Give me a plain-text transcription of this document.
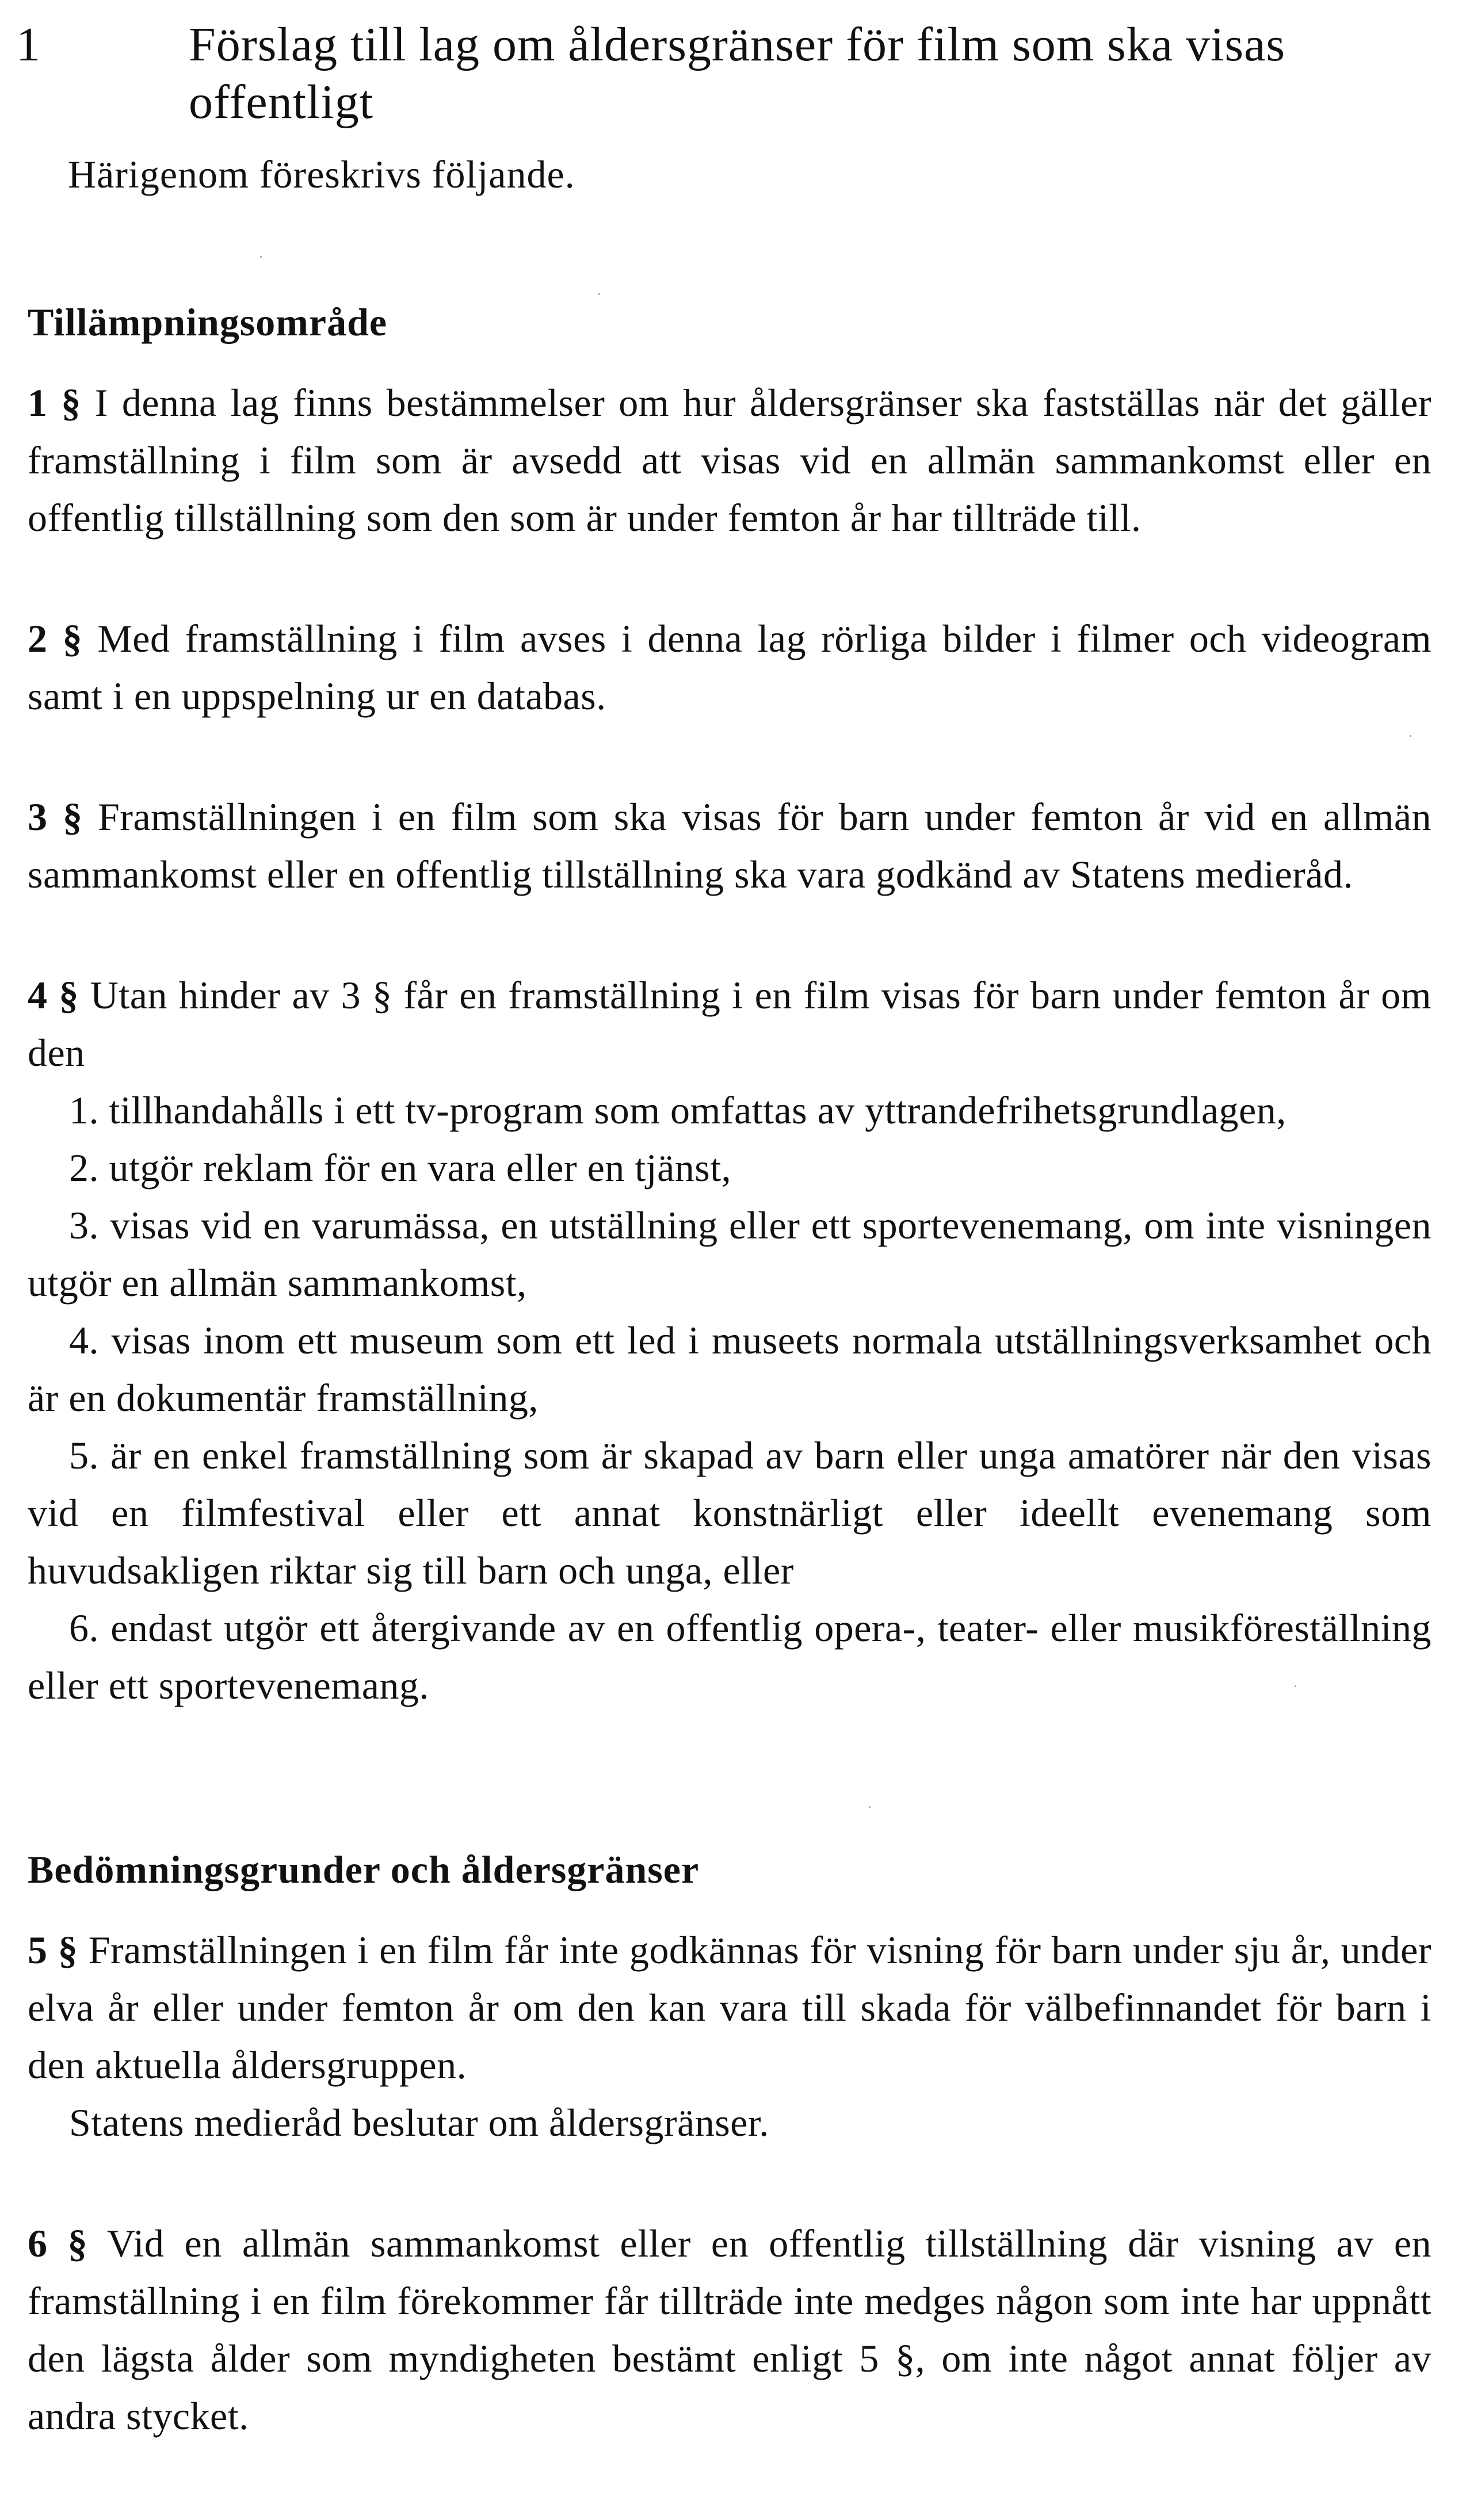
1	Förslag till lag om åldersgränser för film som ska visas offentligt
Härigenom föreskrivs följande.
Tillämpningsområde

1 § I denna lag finns bestämmelser om hur åldersgränser ska fastställas när det gäller framställning i film som är avsedd att visas vid en allmän sammankomst eller en offentlig tillställning som den som är under femton år har tillträde till.

2 § Med framställning i film avses i denna lag rörliga bilder i filmer och videogram samt i en uppspelning ur en databas.

3 § Framställningen i en film som ska visas för barn under femton år vid en allmän sammankomst eller en offentlig tillställning ska vara godkänd av Statens medieråd.

4 § Utan hinder av 3 § får en framställning i en film visas för barn under femton år om den

1. tillhandahålls i ett tv-program som omfattas av yttrandefrihetsgrundlagen,

2. utgör reklam för en vara eller en tjänst,

3. visas vid en varumässa, en utställning eller ett sportevenemang, om inte visningen utgör en allmän sammankomst,

4. visas inom ett museum som ett led i museets normala utställningsverksamhet och är en dokumentär framställning,

5. är en enkel framställning som är skapad av barn eller unga amatörer när den visas vid en filmfestival eller ett annat konstnärligt eller ideellt evenemang som huvudsakligen riktar sig till barn och unga, eller

6. endast utgör ett återgivande av en offentlig opera-, teater- eller musikföreställning eller ett sportevenemang.

Bedömningsgrunder och åldersgränser

5 § Framställningen i en film får inte godkännas för visning för barn under sju år, under elva år eller under femton år om den kan vara till skada för välbefinnandet för barn i den aktuella åldersgruppen.

Statens medieråd beslutar om åldersgränser.

6 § Vid en allmän sammankomst eller en offentlig tillställning där visning av en framställning i en film förekommer får tillträde inte medges någon som inte har uppnått den lägsta ålder som myndigheten bestämt enligt 5 §, om inte något annat följer av andra stycket.
